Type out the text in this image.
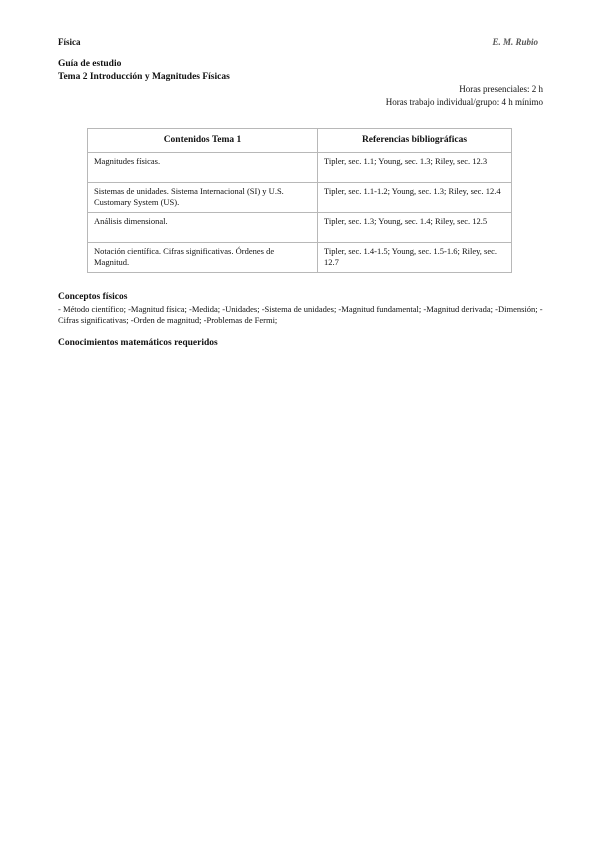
Física	E. M. Rubio
Guía de estudio
Tema 2 Introducción y Magnitudes Físicas
Horas presenciales: 2 h
Horas trabajo individual/grupo: 4 h mínimo
Contenidos Tema 1	Referencias bibliográficas
Magnitudes físicas.	Tipler, sec. 1.1; Young, sec. 1.3; Riley, sec. 12.3
Sistemas de unidades. Sistema Internacional (SI) y U.S. Customary System (US).	Tipler, sec. 1.1-1.2; Young, sec. 1.3; Riley, sec. 12.4
Análisis dimensional.	Tipler, sec. 1.3; Young, sec. 1.4; Riley, sec. 12.5
Notación científica. Cifras significativas. Órdenes de Magnitud.	Tipler, sec. 1.4-1.5; Young, sec. 1.5-1.6; Riley, sec. 12.7
Conceptos físicos
- Método científico; -Magnitud física; -Medida; -Unidades; -Sistema de unidades; -Magnitud fundamental; -Magnitud derivada; -Dimensión; -Cifras significativas; -Orden de magnitud; -Problemas de Fermi;
Conocimientos matemáticos requeridos
